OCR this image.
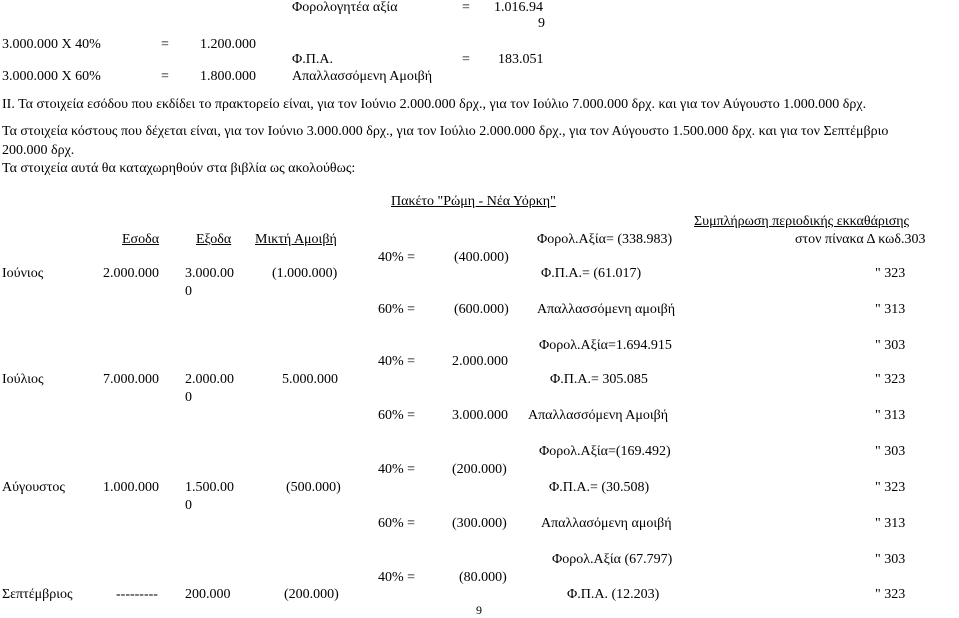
Φορολογητέα αξία	= 1.016.94
9
3.000.000 Χ 40%	= 1.200.000
Φ.Π.Α.	= 183.051
3.000.000 Χ 60%	= 1.800.000	Απαλλασσόμενη Αμοιβή
ΙΙ. Τα στοιχεία εσόδου που εκδίδει το πρακτορείο είναι, για τον Ιούνιο 2.000.000 δρχ., για τον Ιούλιο 7.000.000 δρχ. και για τον Αύγουστο 1.000.000 δρχ.
Τα στοιχεία κόστους που δέχεται είναι, για τον Ιούνιο 3.000.000 δρχ., για τον Ιούλιο 2.000.000 δρχ., για τον Αύγουστο 1.500.000 δρχ. και για τον Σεπτέμβριο
200.000 δρχ.
Τα στοιχεία αυτά θα καταχωρηθούν στα βιβλία ως ακολούθως:
Πακέτο "Ρώμη - Νέα Υόρκη"
Συμπλήρωση περιοδικής εκκαθάρισης
Εσοδα	Εξοδα Μικτή Αμοιβή	στον πίνακα Δ κωδ.303
Φορολ.Αξία= (338.983)
40% =	(400.000)
Ιούνιος	2.000.000 3.000.00
0
(1.000.000)	Φ.Π.Α.= (61.017)	" 323
60% =	(600.000) Απαλλασσόμενη αμοιβή	" 313
Φορολ.Αξία=1.694.915	" 303
40% =	2.000.000
Ιούλιος	7.000.000 2.000.00
0
5.000.000	Φ.Π.Α.= 305.085	" 323
60% =	3.000.000 Απαλλασσόμενη Αμοιβή	" 313
Φορολ.Αξία=(169.492)	" 303
40% =	(200.000)
Αύγουστος	1.000.000 1.500.00
0
(500.000)	Φ.Π.Α.= (30.508)	" 323
60% =	(300.000) Απαλλασόμενη αμοιβή	" 313
Φορολ.Αξία (67.797)	" 303
40% =	(80.000)
Σεπτέμβριος	--------- 200.000	(200.000)	Φ.Π.Α. (12.203)	" 323
9
